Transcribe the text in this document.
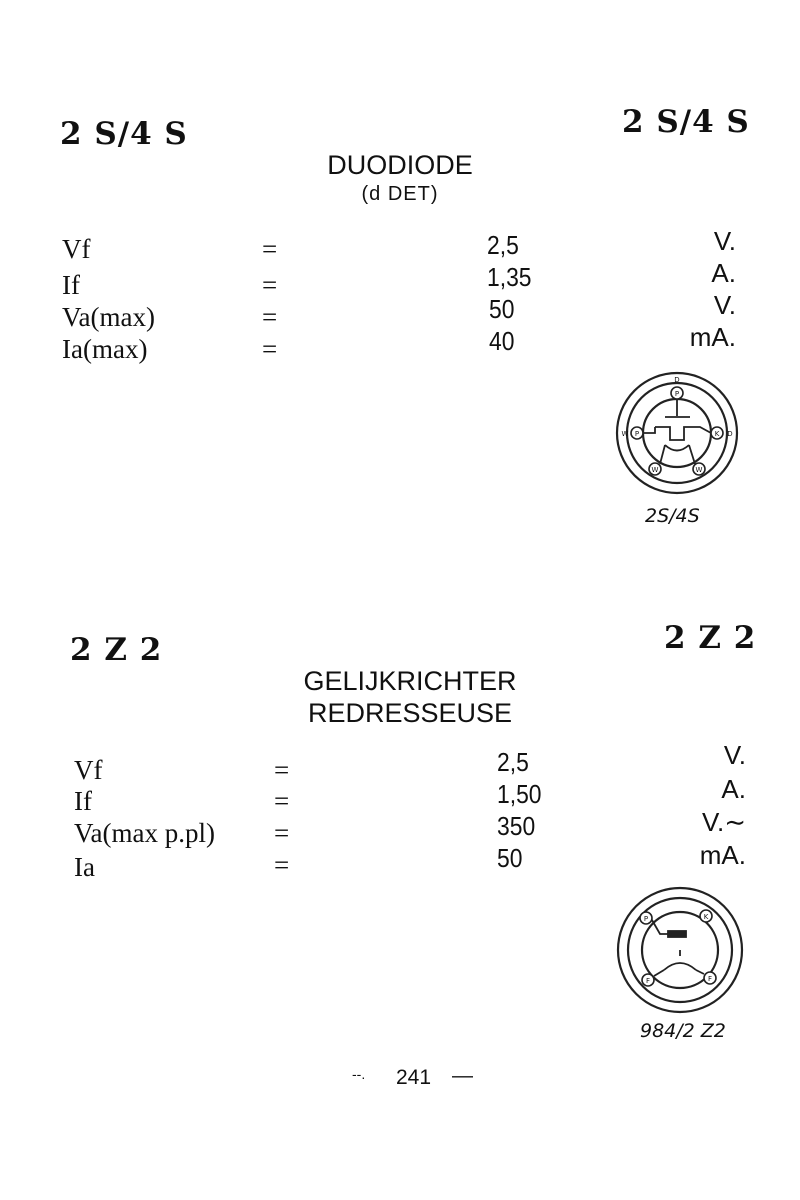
2 S/4 S	2 S/4 S
DUODIODE
(d DET)
Vf	=	2,5	V.
If	=	1,35	A.
Va(max)	=	50	V.
Ia(max)	=	40	mA.
D
P
K D
W
W
W P
2S/4S
2 Z 2	2 Z 2
GELIJKRICHTER
REDRESSEUSE
Vf	=	2,5	V.
If	=	1,50	A.
Va(max p.pl) =	350	V.∼
Ia	=	50	mA.
P	K
F	F
984/2 Z2
--. 241 —
